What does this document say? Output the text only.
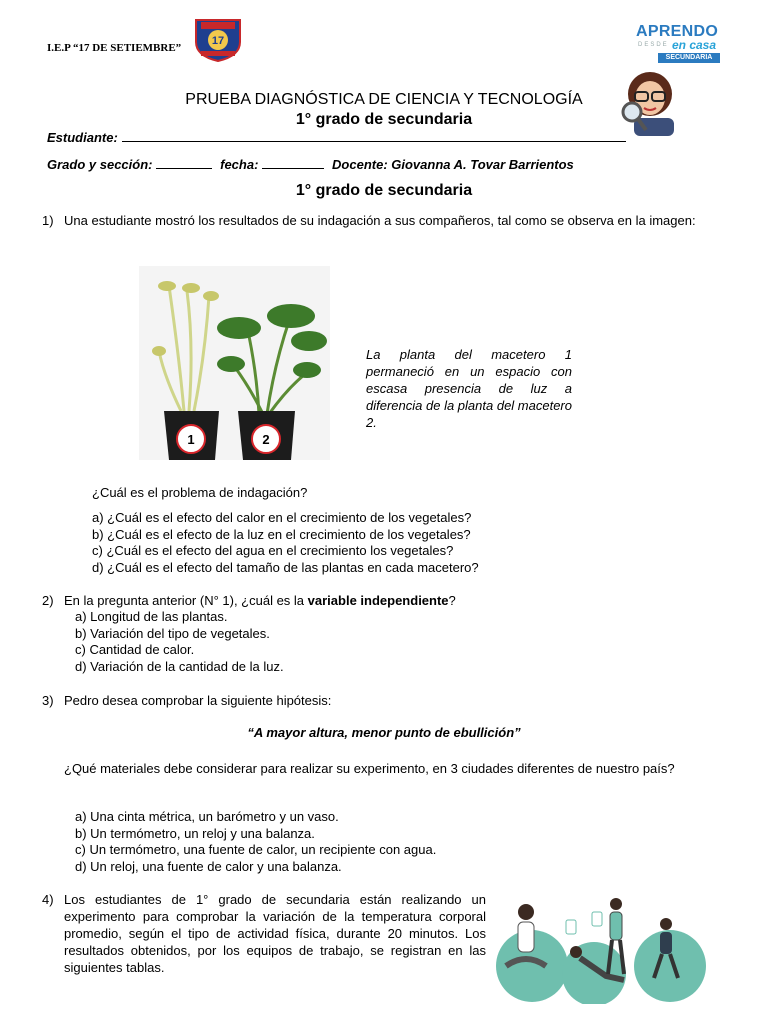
I.E.P “17 DE SETIEMBRE”
17
APRENDO
DESDE en casa
SECUNDARIA
PRUEBA DIAGNÓSTICA DE CIENCIA Y TECNOLOGÍA
1° grado de secundaria
Estudiante:
Grado y sección:	fecha:	Docente: Giovanna A. Tovar Barrientos
1° grado de secundaria
1) Una estudiante mostró los resultados de su indagación a sus compañeros, tal como se observa en la imagen:
1	2
La planta del macetero 1 permaneció en un espacio con escasa presencia de luz a diferencia de la planta del macetero 2.
¿Cuál es el problema de indagación?
a) ¿Cuál es el efecto del calor en el crecimiento de los vegetales?
b) ¿Cuál es el efecto de la luz en el crecimiento de los vegetales?
c) ¿Cuál es el efecto del agua en el crecimiento los vegetales?
d) ¿Cuál es el efecto del tamaño de las plantas en cada macetero?
2) En la pregunta anterior (N° 1), ¿cuál es la variable independiente?
a) Longitud de las plantas.
b) Variación del tipo de vegetales.
c) Cantidad de calor.
d) Variación de la cantidad de la luz.
3) Pedro desea comprobar la siguiente hipótesis:
“A mayor altura, menor punto de ebullición”
¿Qué materiales debe considerar para realizar su experimento, en 3 ciudades diferentes de nuestro país?
a) Una cinta métrica, un barómetro y un vaso.
b) Un termómetro, un reloj y una balanza.
c) Un termómetro, una fuente de calor, un recipiente con agua.
d) Un reloj, una fuente de calor y una balanza.
4) Los estudiantes de 1° grado de secundaria están realizando un experimento para comprobar la variación de la temperatura corporal promedio, según el tipo de actividad física, durante 20 minutos. Los resultados obtenidos, por los equipos de trabajo, se registran en las siguientes tablas.
